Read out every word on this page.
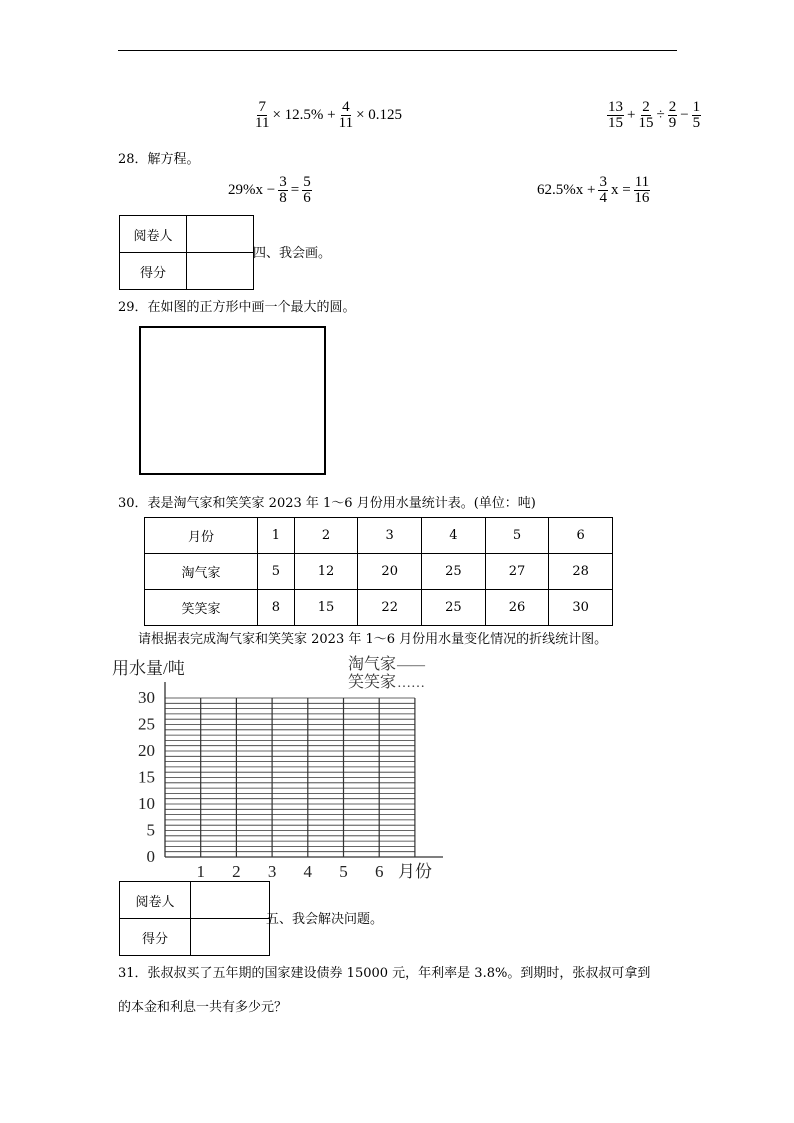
$\frac{7}{11} \times 12.5\% + \frac{4}{11} \times 0.125$	$\frac{13}{15} + \frac{2}{15} \div \frac{2}{9} - \frac{1}{5}$
28．解方程。
$29\%x - \frac{3}{8} = \frac{5}{6}$	$62.5\%x + \frac{3}{4}$ $x = \frac{11}{16}$
阅卷人	
得分	
四、我会画。
29．在如图的正方形中画一个最大的圆。
30．表是淘气家和笑笑家 2023 年 1～6 月份用水量统计表。(单位：吨)
月份	1	2	3	4	5	6
淘气家	5	12	20	25	27	28
笑笑家	8	15	22	25	26	30
请根据表完成淘气家和笑笑家 2023 年 1～6 月份用水量变化情况的折线统计图。
用水量/吨	淘气家 ——
笑笑家 ……
月份
0
5
10
15
20
25
30
1 2 3 4 5 6
阅卷人	
得分	
五、我会解决问题。
31．张叔叔买了五年期的国家建设债券 15000 元，年利率是 3.8%。到期时，张叔叔可拿到
的本金和利息一共有多少元？
